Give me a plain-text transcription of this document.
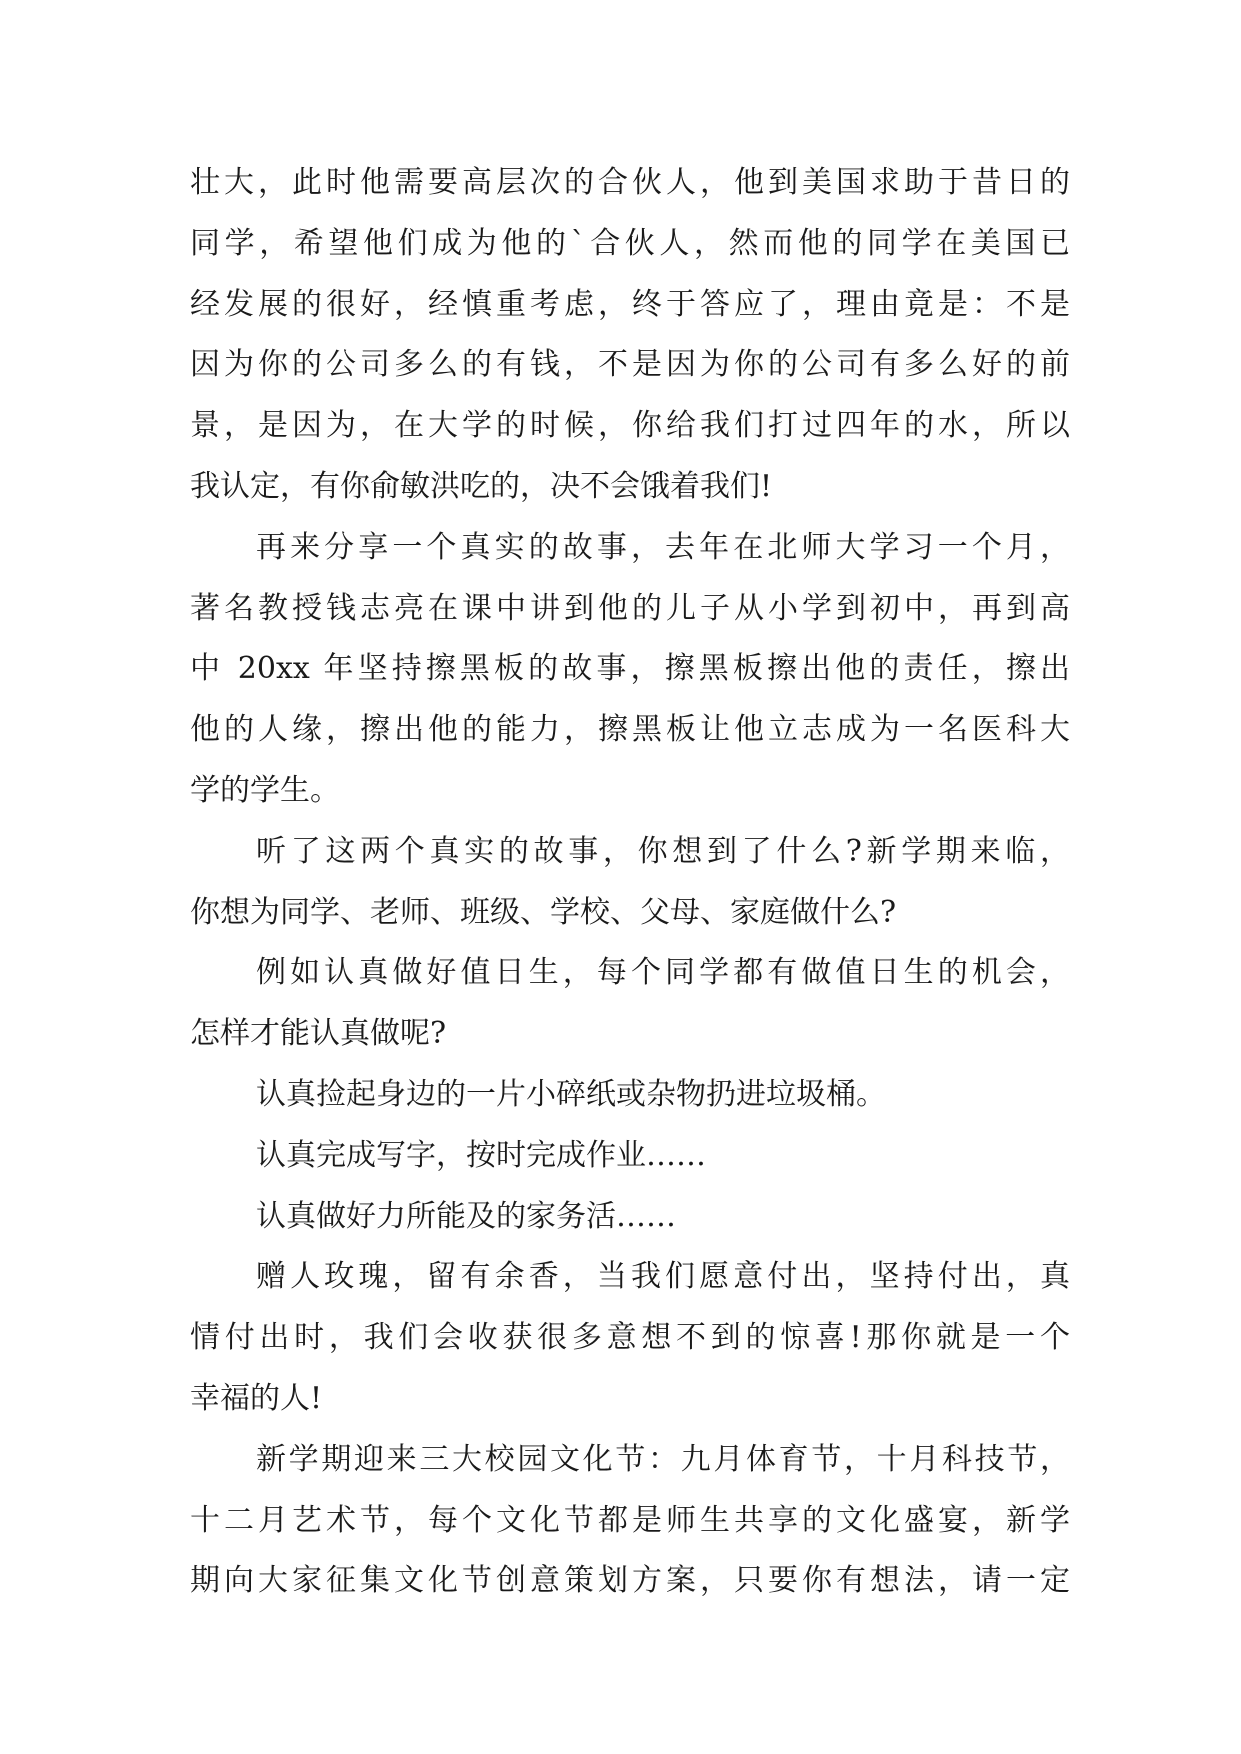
壮大，此时他需要高层次的合伙人，他到美国求助于昔日的
同学，希望他们成为他的`合伙人，然而他的同学在美国已
经发展的很好，经慎重考虑，终于答应了，理由竟是：不是
因为你的公司多么的有钱，不是因为你的公司有多么好的前
景，是因为，在大学的时候，你给我们打过四年的水，所以
我认定，有你俞敏洪吃的，决不会饿着我们!
再来分享一个真实的故事，去年在北师大学习一个月，
著名教授钱志亮在课中讲到他的儿子从小学到初中，再到高
中 20xx 年坚持擦黑板的故事，擦黑板擦出他的责任，擦出
他的人缘，擦出他的能力，擦黑板让他立志成为一名医科大
学的学生。
听了这两个真实的故事，你想到了什么?新学期来临，
你想为同学、老师、班级、学校、父母、家庭做什么?
例如认真做好值日生，每个同学都有做值日生的机会，
怎样才能认真做呢?
认真捡起身边的一片小碎纸或杂物扔进垃圾桶。
认真完成写字，按时完成作业……
认真做好力所能及的家务活……
赠人玫瑰，留有余香，当我们愿意付出，坚持付出，真
情付出时，我们会收获很多意想不到的惊喜!那你就是一个
幸福的人!
新学期迎来三大校园文化节：九月体育节，十月科技节，
十二月艺术节，每个文化节都是师生共享的文化盛宴，新学
期向大家征集文化节创意策划方案，只要你有想法，请一定
